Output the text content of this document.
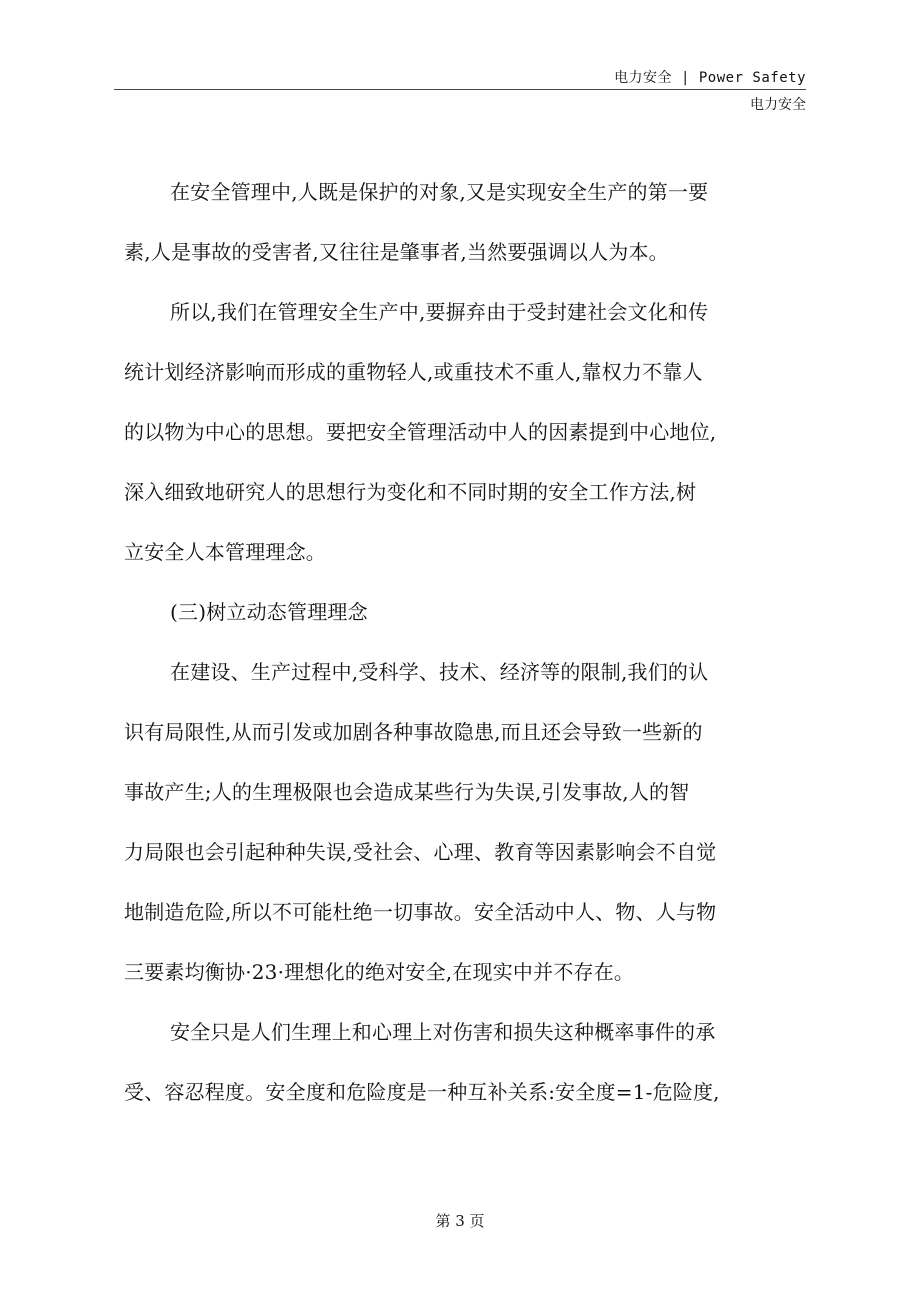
电力安全 | Power Safety
电力安全
在安全管理中,人既是保护的对象,又是实现安全生产的第一要
素,人是事故的受害者,又往往是肇事者,当然要强调以人为本。
所以,我们在管理安全生产中,要摒弃由于受封建社会文化和传
统计划经济影响而形成的重物轻人,或重技术不重人,靠权力不靠人
的以物为中心的思想。要把安全管理活动中人的因素提到中心地位,
深入细致地研究人的思想行为变化和不同时期的安全工作方法,树
立安全人本管理理念。
(三)树立动态管理理念
在建设、生产过程中,受科学、技术、经济等的限制,我们的认
识有局限性,从而引发或加剧各种事故隐患,而且还会导致一些新的
事故产生;人的生理极限也会造成某些行为失误,引发事故,人的智
力局限也会引起种种失误,受社会、心理、教育等因素影响会不自觉
地制造危险,所以不可能杜绝一切事故。安全活动中人、物、人与物
三要素均衡协·23·理想化的绝对安全,在现实中并不存在。
安全只是人们生理上和心理上对伤害和损失这种概率事件的承
受、容忍程度。安全度和危险度是一种互补关系:安全度=1-危险度,
第 3 页
